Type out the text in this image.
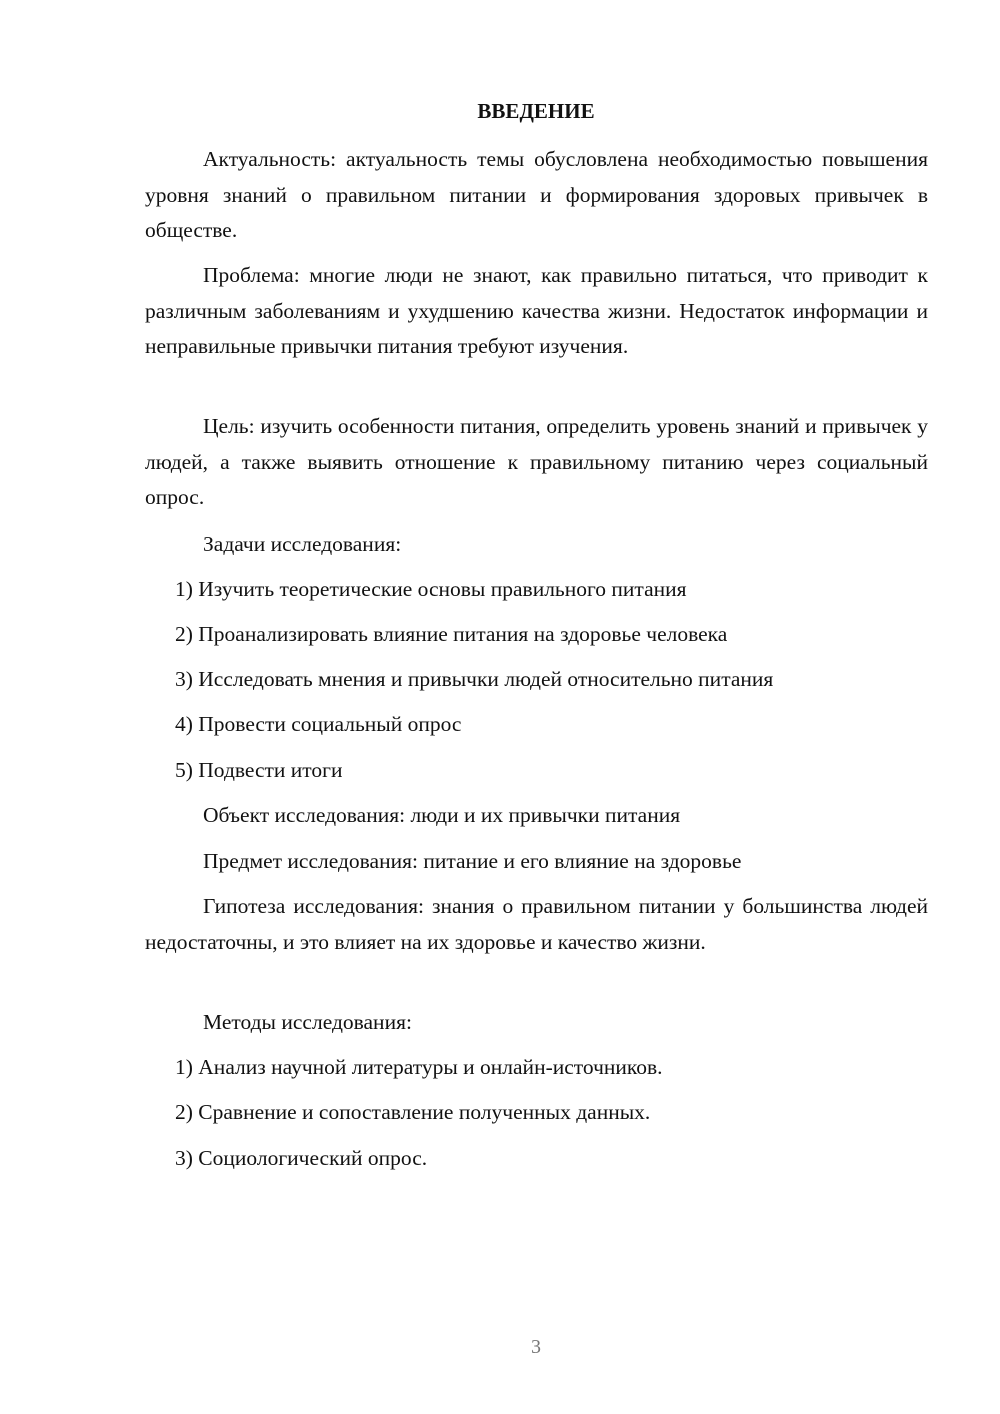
ВВЕДЕНИЕ

Актуальность: актуальность темы обусловлена необходимостью повышения уровня знаний о правильном питании и формирования здоровых привычек в обществе.

Проблема: многие люди не знают, как правильно питаться, что приводит к различным заболеваниям и ухудшению качества жизни. Недостаток информации и неправильные привычки питания требуют изучения.

Цель: изучить особенности питания, определить уровень знаний и привычек у людей, а также выявить отношение к правильному питанию через социальный опрос.

Задачи исследования:
1) Изучить теоретические основы правильного питания
2) Проанализировать влияние питания на здоровье человека
3) Исследовать мнения и привычки людей относительно питания
4) Провести социальный опрос
5) Подвести итоги
Объект исследования: люди и их привычки питания
Предмет исследования: питание и его влияние на здоровье

Гипотеза исследования: знания о правильном питании у большинства людей недостаточны, и это влияет на их здоровье и качество жизни.

Методы исследования:
1) Анализ научной литературы и онлайн-источников.
2) Сравнение и сопоставление полученных данных.
3) Социологический опрос.
3
